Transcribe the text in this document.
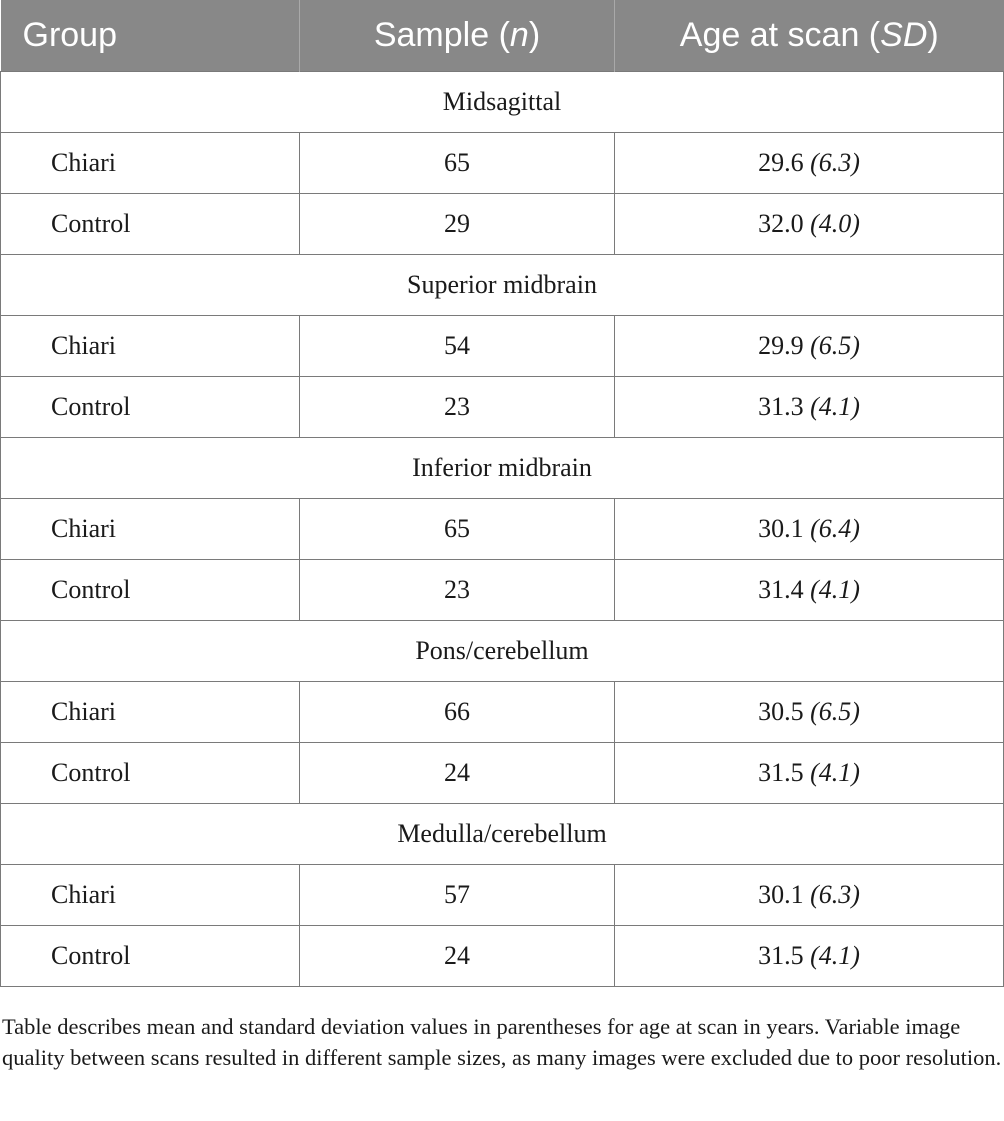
Group	Sample (n)	Age at scan (SD)
Midsagittal		
Chiari	65	29.6 (6.3)
Control	29	32.0 (4.0)
Superior midbrain		
Chiari	54	29.9 (6.5)
Control	23	31.3 (4.1)
Inferior midbrain		
Chiari	65	30.1 (6.4)
Control	23	31.4 (4.1)
Pons/cerebellum		
Chiari	66	30.5 (6.5)
Control	24	31.5 (4.1)
Medulla/cerebellum		
Chiari	57	30.1 (6.3)
Control	24	31.5 (4.1)
Table describes mean and standard deviation values in parentheses for age at scan in years. Variable image quality between scans resulted in different sample sizes, as many images were excluded due to poor resolution.
